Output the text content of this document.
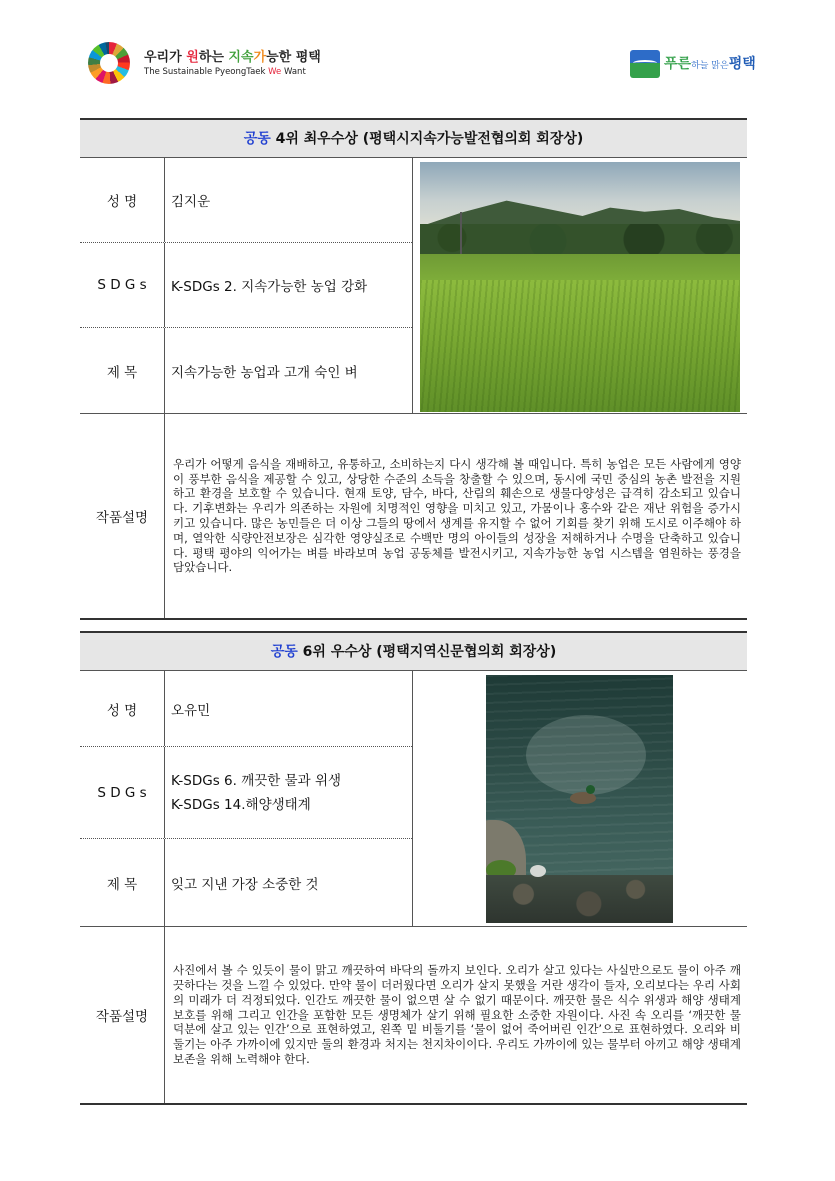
우리가 원하는 지속가능한 평택
The Sustainable PyeongTaek We Want	푸른하늘 맑은평택
공동 4위 최우수상 (평택시지속가능발전협의회 회장상)
성 명	김지운
S D G s	K-SDGs 2. 지속가능한 농업 강화
제 목	지속가능한 농업과 고개 숙인 벼
작품설명
우리가 어떻게 음식을 재배하고, 유통하고, 소비하는지 다시 생각해 볼 때입니다. 특히 농업은 모든 사람에게 영양이 풍부한 음식을 제공할 수 있고, 상당한 수준의 소득을 창출할 수 있으며, 동시에 국민 중심의 농촌 발전을 지원하고 환경을 보호할 수 있습니다. 현재 토양, 담수, 바다, 산림의 훼손으로 생물다양성은 급격히 감소되고 있습니다. 기후변화는 우리가 의존하는 자원에 치명적인 영향을 미치고 있고, 가뭄이나 홍수와 같은 재난 위험을 증가시키고 있습니다. 많은 농민들은 더 이상 그들의 땅에서 생계를 유지할 수 없어 기회를 찾기 위해 도시로 이주해야 하며, 열악한 식량안전보장은 심각한 영양실조로 수백만 명의 아이들의 성장을 저해하거나 수명을 단축하고 있습니다. 평택 평야의 익어가는 벼를 바라보며 농업 공동체를 발전시키고, 지속가능한 농업 시스템을 염원하는 풍경을 담았습니다.
공동 6위 우수상 (평택지역신문협의회 회장상)
성 명	오유민
S D G s
K-SDGs 6. 깨끗한 물과 위생
K-SDGs 14.해양생태계
제 목	잊고 지낸 가장 소중한 것
작품설명
사진에서 볼 수 있듯이 물이 맑고 깨끗하여 바닥의 돌까지 보인다. 오리가 살고 있다는 사실만으로도 물이 아주 깨끗하다는 것을 느낄 수 있었다. 만약 물이 더러웠다면 오리가 살지 못했을 거란 생각이 들자, 오리보다는 우리 사회의 미래가 더 걱정되었다. 인간도 깨끗한 물이 없으면 살 수 없기 때문이다. 깨끗한 물은 식수 위생과 해양 생태계 보호를 위해 그리고 인간을 포함한 모든 생명체가 살기 위해 필요한 소중한 자원이다. 사진 속 오리를 ‘깨끗한 물 덕분에 살고 있는 인간’으로 표현하였고, 왼쪽 밑 비둘기를 ‘물이 없어 죽어버린 인간’으로 표현하였다. 오리와 비둘기는 아주 가까이에 있지만 둘의 환경과 처지는 천지차이이다. 우리도 가까이에 있는 물부터 아끼고 해양 생태계 보존을 위해 노력해야 한다.
